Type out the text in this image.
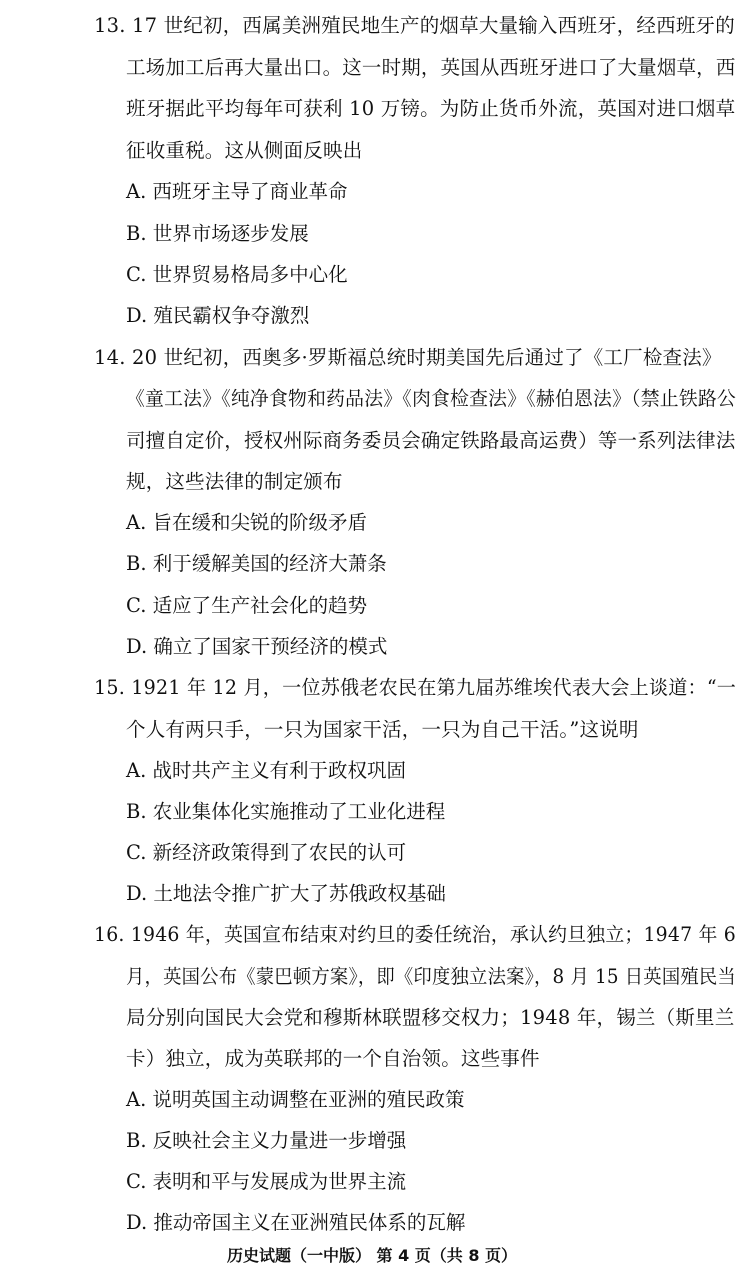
13. 17 世纪初，西属美洲殖民地生产的烟草大量输入西班牙，经西班牙的
工场加工后再大量出口。这一时期，英国从西班牙进口了大量烟草，西
班牙据此平均每年可获利 10 万镑。为防止货币外流，英国对进口烟草
征收重税。这从侧面反映出
A. 西班牙主导了商业革命
B. 世界市场逐步发展
C. 世界贸易格局多中心化
D. 殖民霸权争夺激烈
14. 20 世纪初，西奥多·罗斯福总统时期美国先后通过了《工厂检查法》
《童工法》《纯净食物和药品法》《肉食检查法》《赫伯恩法》（禁止铁路公
司擅自定价，授权州际商务委员会确定铁路最高运费）等一系列法律法
规，这些法律的制定颁布
A. 旨在缓和尖锐的阶级矛盾
B. 利于缓解美国的经济大萧条
C. 适应了生产社会化的趋势
D. 确立了国家干预经济的模式
15. 1921 年 12 月，一位苏俄老农民在第九届苏维埃代表大会上谈道：“一
个人有两只手，一只为国家干活，一只为自己干活。”这说明
A. 战时共产主义有利于政权巩固
B. 农业集体化实施推动了工业化进程
C. 新经济政策得到了农民的认可
D. 土地法令推广扩大了苏俄政权基础
16. 1946 年，英国宣布结束对约旦的委任统治，承认约旦独立；1947 年 6
月，英国公布《蒙巴顿方案》，即《印度独立法案》，8 月 15 日英国殖民当
局分别向国民大会党和穆斯林联盟移交权力；1948 年，锡兰（斯里兰
卡）独立，成为英联邦的一个自治领。这些事件
A. 说明英国主动调整在亚洲的殖民政策
B. 反映社会主义力量进一步增强
C. 表明和平与发展成为世界主流
D. 推动帝国主义在亚洲殖民体系的瓦解
历史试题（一中版） 第 4 页（共 8 页）
